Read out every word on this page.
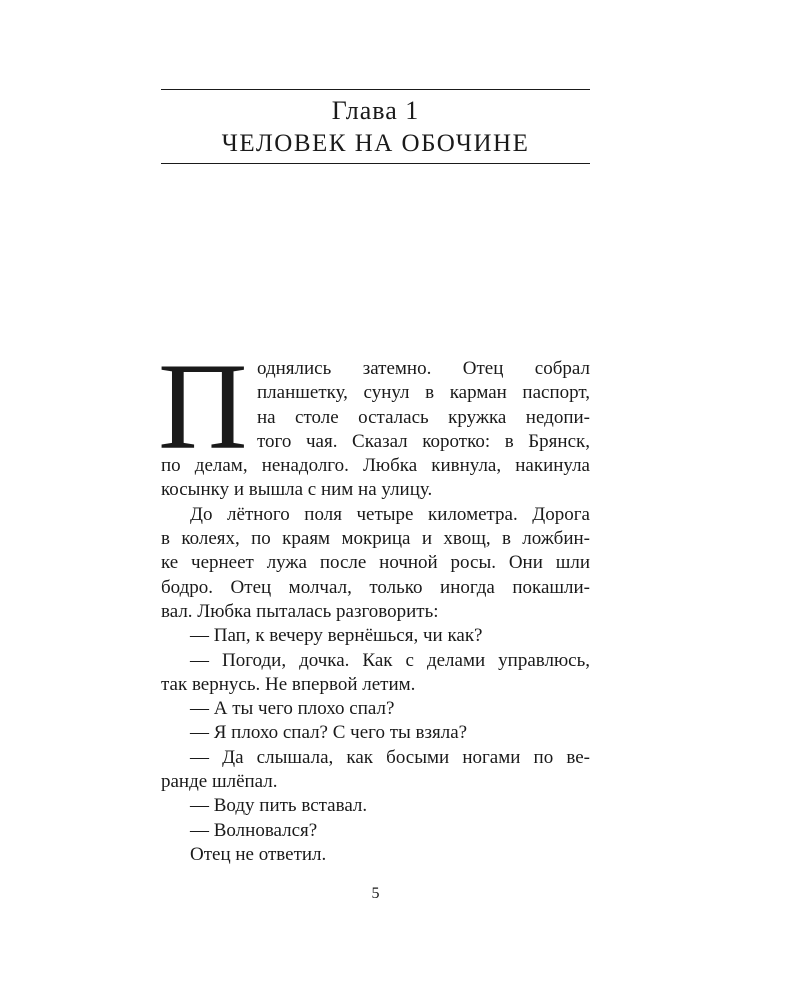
Глава 1
ЧЕЛОВЕК НА ОБОЧИНЕ
П однялись затемно. Отец собрал
планшетку, сунул в карман паспорт,
на столе осталась кружка недопи-
того чая. Сказал коротко: в Брянск,
по делам, ненадолго. Любка кивнула, накинула
косынку и вышла с ним на улицу.
До лётного поля четыре километра. Дорога
в колеях, по краям мокрица и хвощ, в ложбин-
ке чернеет лужа после ночной росы. Они шли
бодро. Отец молчал, только иногда покашли-
вал. Любка пыталась разговорить:
— Пап, к вечеру вернёшься, чи как?
— Погоди, дочка. Как с делами управлюсь,
так вернусь. Не впервой летим.
— А ты чего плохо спал?
— Я плохо спал? С чего ты взяла?
— Да слышала, как босыми ногами по ве-
ранде шлёпал.
— Воду пить вставал.
— Волновался?
Отец не ответил.
5
